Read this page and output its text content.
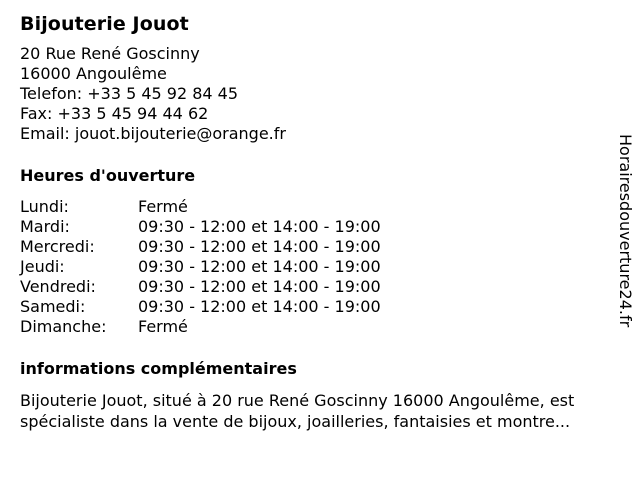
Bijouterie Jouot
20 Rue René Goscinny
16000 Angoulême
Telefon: +33 5 45 92 84 45
Fax: +33 5 45 94 44 62
Email: jouot.bijouterie@orange.fr
Heures d'ouverture
Lundi:	Fermé
Mardi:	09:30 - 12:00 et 14:00 - 19:00
Mercredi:	09:30 - 12:00 et 14:00 - 19:00
Jeudi:	09:30 - 12:00 et 14:00 - 19:00
Vendredi:	09:30 - 12:00 et 14:00 - 19:00
Samedi:	09:30 - 12:00 et 14:00 - 19:00
Dimanche:	Fermé
informations complémentaires
Bijouterie Jouot, situé à 20 rue René Goscinny 16000 Angoulême, est spécialiste dans la vente de bijoux, joailleries, fantaisies et montre...
Horairesdouverture24.fr
